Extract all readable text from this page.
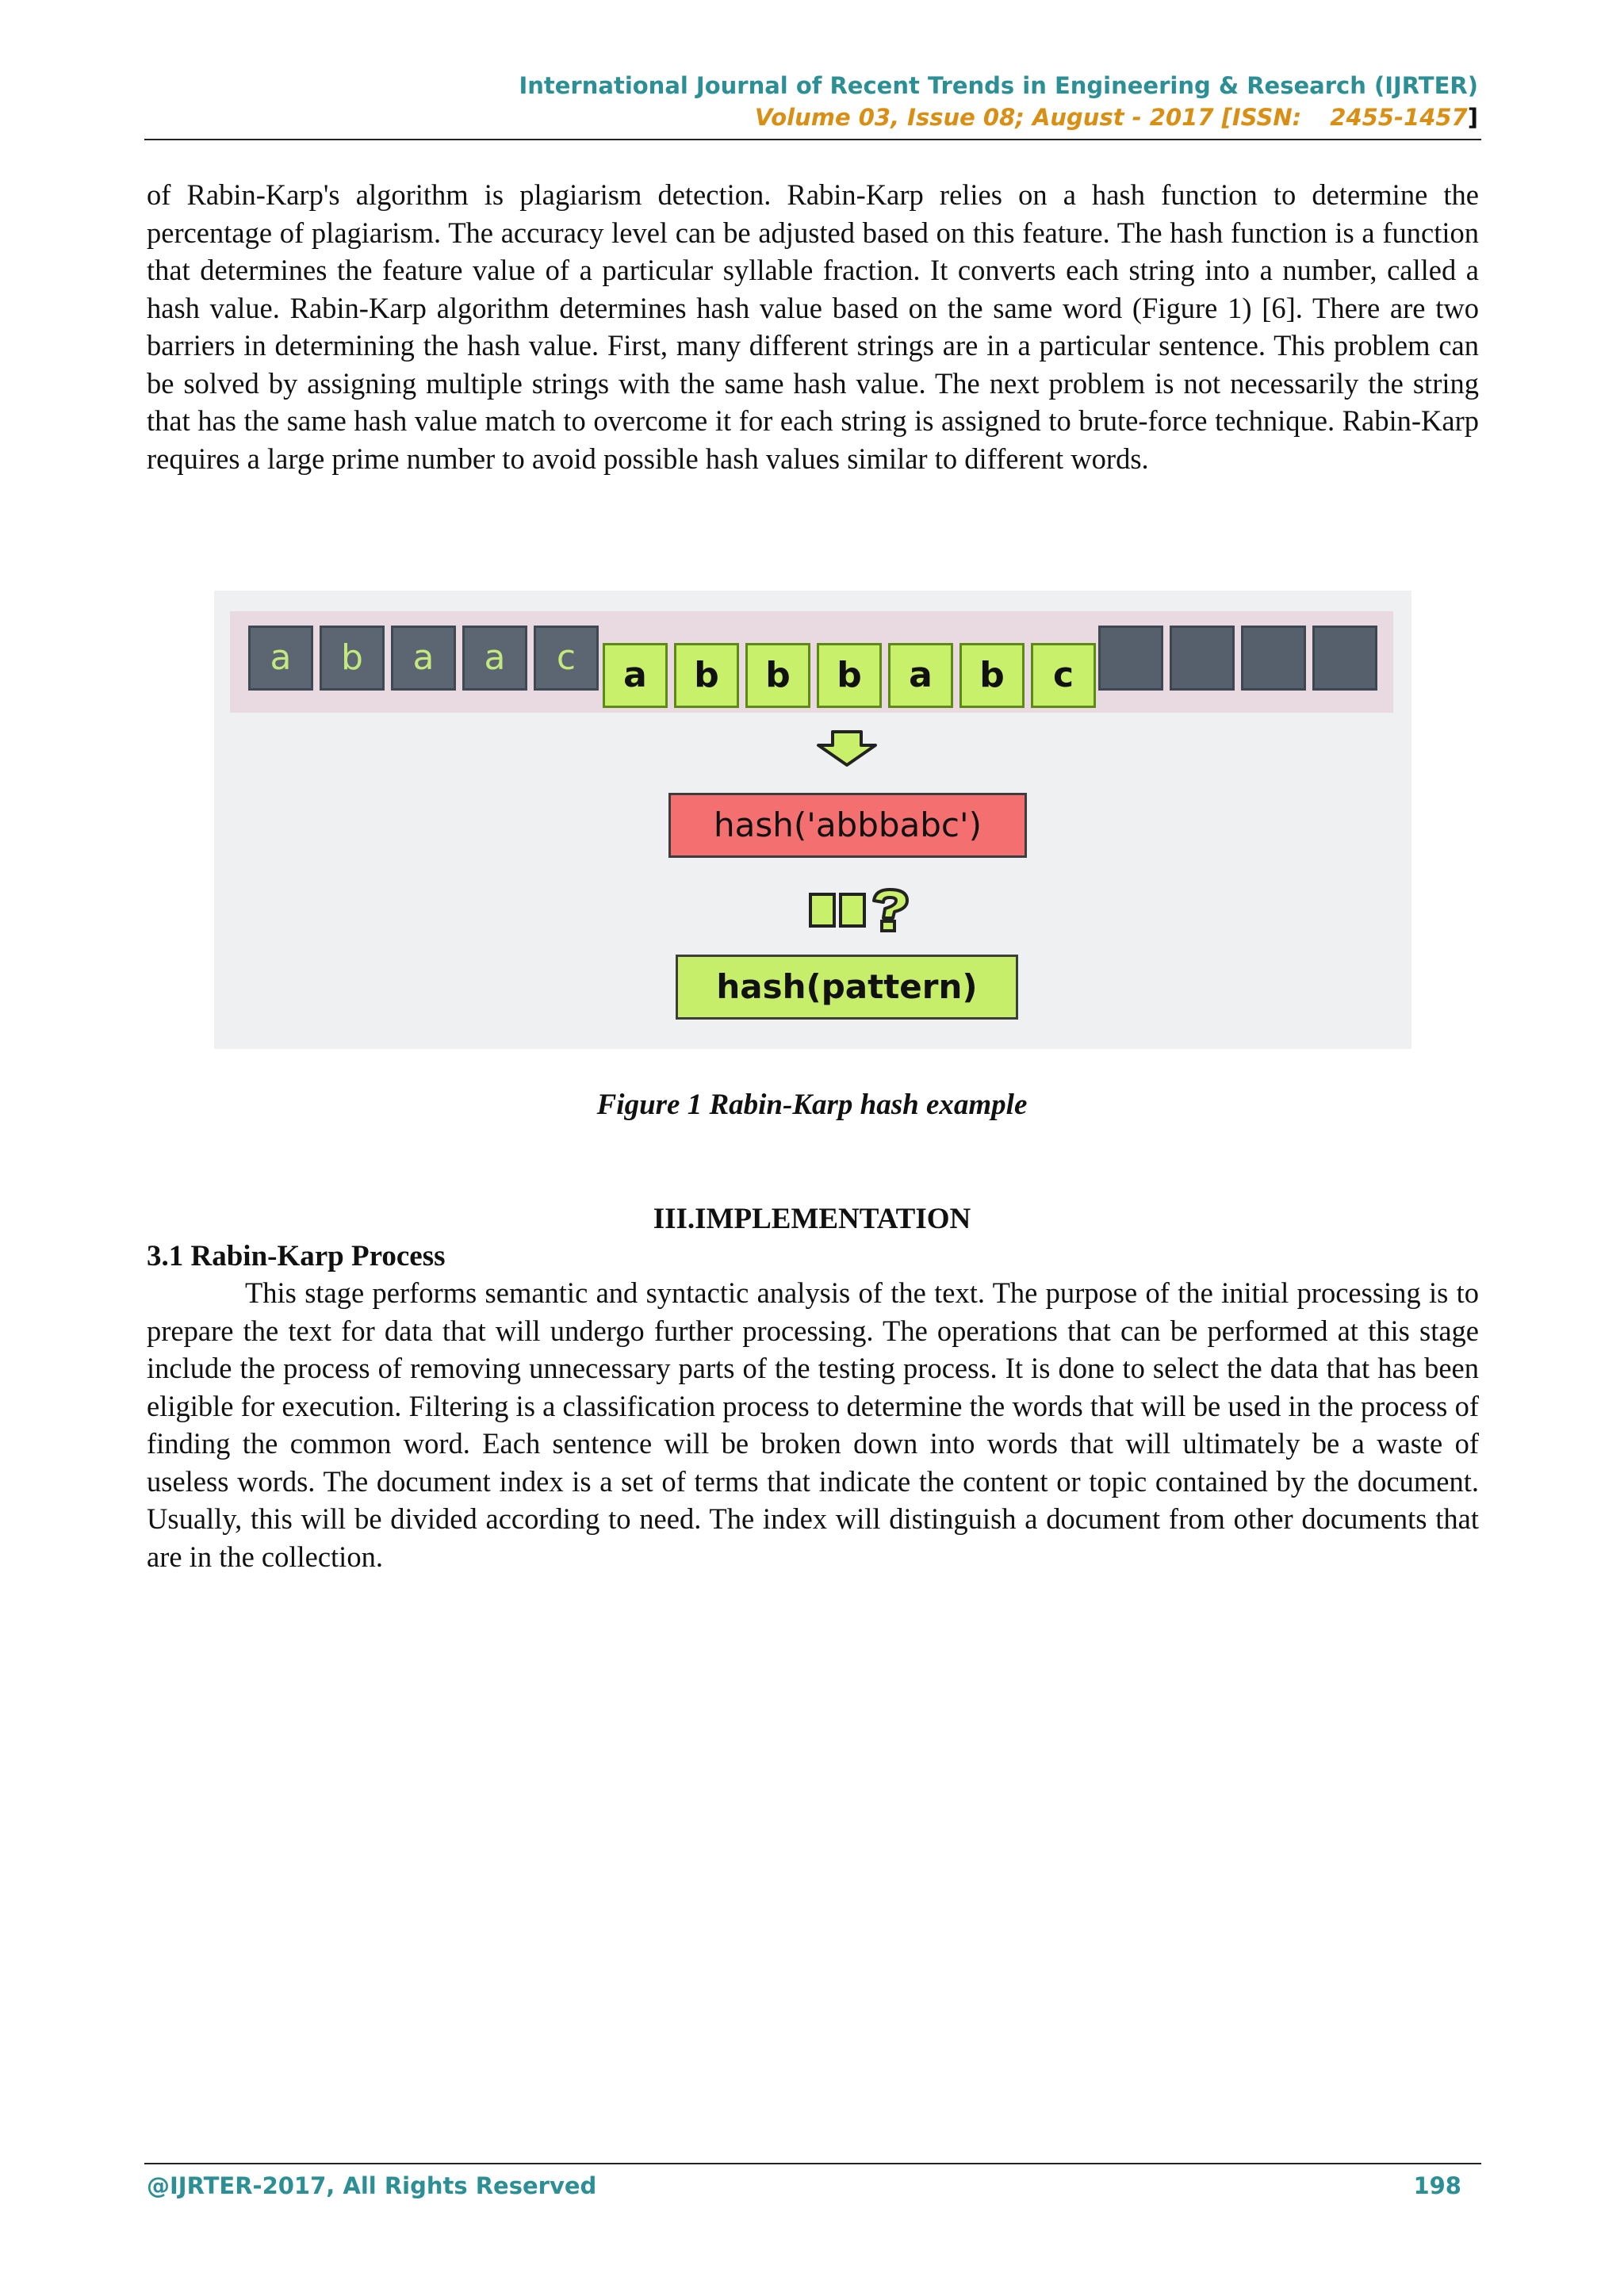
International Journal of Recent Trends in Engineering & Research (IJRTER)
Volume 03, Issue 08; August - 2017 [ISSN: 2455-1457]

of Rabin-Karp's algorithm is plagiarism detection. Rabin-Karp relies on a hash function to determine the percentage of plagiarism. The accuracy level can be adjusted based on this feature. The hash function is a function that determines the feature value of a particular syllable fraction. It converts each string into a number, called a hash value. Rabin-Karp algorithm determines hash value based on the same word (Figure 1) [6]. There are two barriers in determining the hash value. First, many different strings are in a particular sentence. This problem can be solved by assigning multiple strings with the same hash value. The next problem is not necessarily the string that has the same hash value match to overcome it for each string is assigned to brute-force technique. Rabin-Karp requires a large prime number to avoid possible hash values similar to different words.

a	b	a	a	c	a	b	b	b	a	b	c
hash('abbbabc')
hash(pattern)
Figure 1 Rabin-Karp hash example
III.IMPLEMENTATION
3.1 Rabin-Karp Process

This stage performs semantic and syntactic analysis of the text. The purpose of the initial processing is to prepare the text for data that will undergo further processing. The operations that can be performed at this stage include the process of removing unnecessary parts of the testing process. It is done to select the data that has been eligible for execution. Filtering is a classification process to determine the words that will be used in the process of finding the common word. Each sentence will be broken down into words that will ultimately be a waste of useless words. The document index is a set of terms that indicate the content or topic contained by the document. Usually, this will be divided according to need. The index will distinguish a document from other documents that are in the collection.

@IJRTER-2017, All Rights Reserved	198
